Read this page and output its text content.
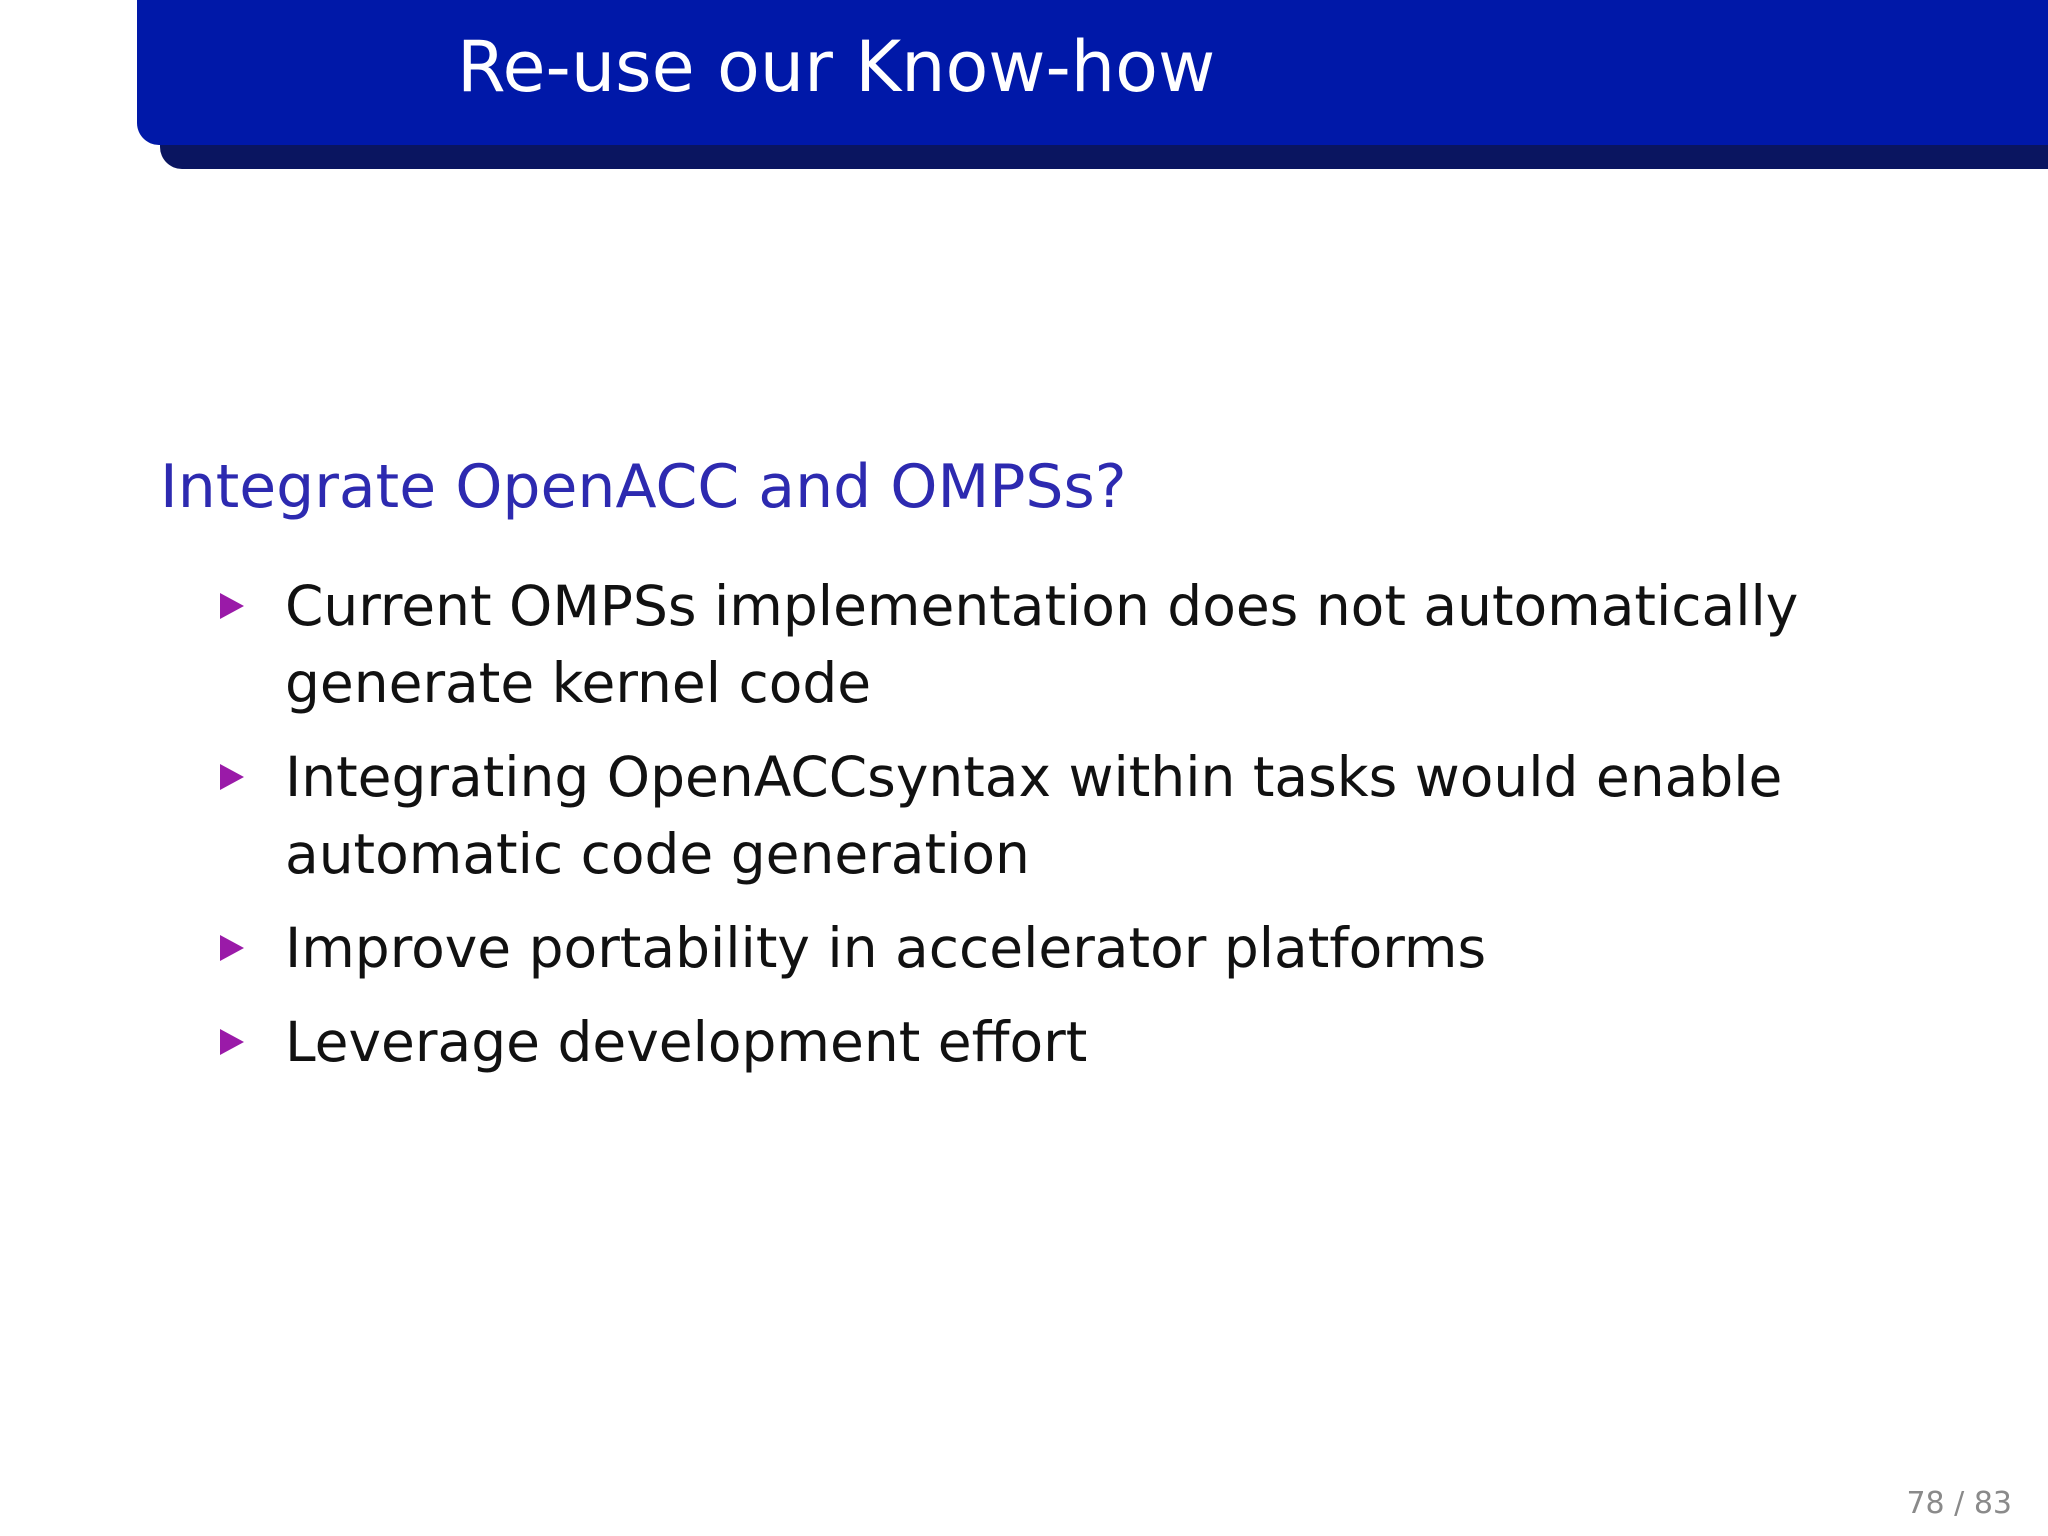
Re-use our Know-how
Integrate OpenACC and OMPSs?
Current OMPSs implementation does not automatically generate kernel code
Integrating OpenACCsyntax within tasks would enable automatic code generation
Improve portability in accelerator platforms
Leverage development effort
78 / 83
